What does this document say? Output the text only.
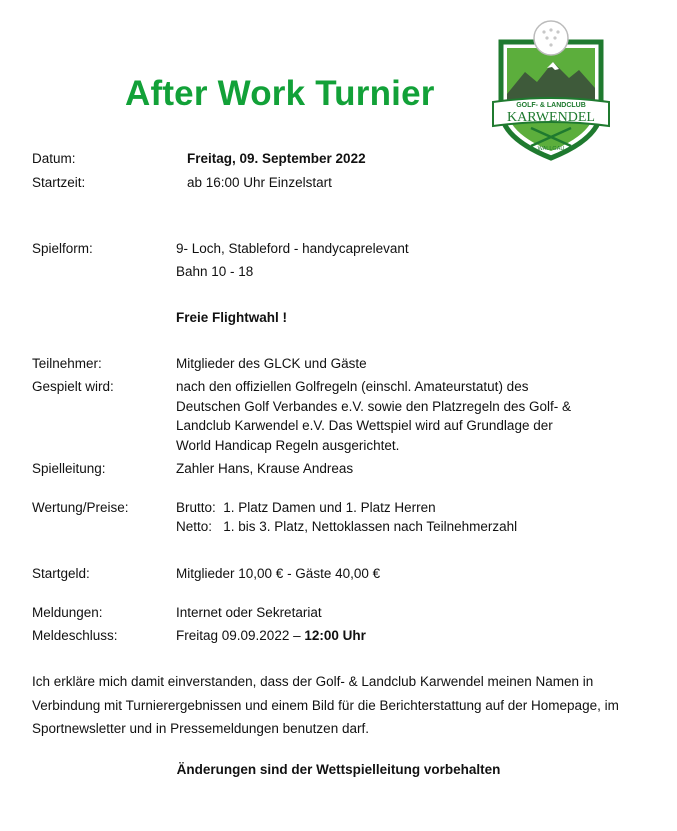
After Work Turnier	GOLF- & LANDCLUB
KARWENDEL
WALLGAU
Datum:	Freitag, 09. September 2022
Startzeit:	ab 16:00 Uhr Einzelstart
Spielform:	9- Loch, Stableford - handycaprelevant
Bahn 10 - 18
Freie Flightwahl !
Teilnehmer:	Mitglieder des GLCK und Gäste
Gespielt wird:	nach den offiziellen Golfregeln (einschl. Amateurstatut) des
Deutschen Golf Verbandes e.V. sowie den Platzregeln des Golf- &
Landclub Karwendel e.V. Das Wettspiel wird auf Grundlage der
World Handicap Regeln ausgerichtet.
Spielleitung:	Zahler Hans, Krause Andreas
Wertung/Preise:	Brutto:  1. Platz Damen und 1. Platz Herren
Netto:   1. bis 3. Platz, Nettoklassen nach Teilnehmerzahl
Startgeld:	Mitglieder 10,00 € - Gäste 40,00 €
Meldungen:	Internet oder Sekretariat
Meldeschluss:	Freitag 09.09.2022 – 12:00 Uhr
Ich erkläre mich damit einverstanden, dass der Golf- & Landclub Karwendel meinen Namen in Verbindung mit Turnierergebnissen und einem Bild für die Berichterstattung auf der Homepage, im Sportnewsletter und in Pressemeldungen benutzen darf.
Änderungen sind der Wettspielleitung vorbehalten
